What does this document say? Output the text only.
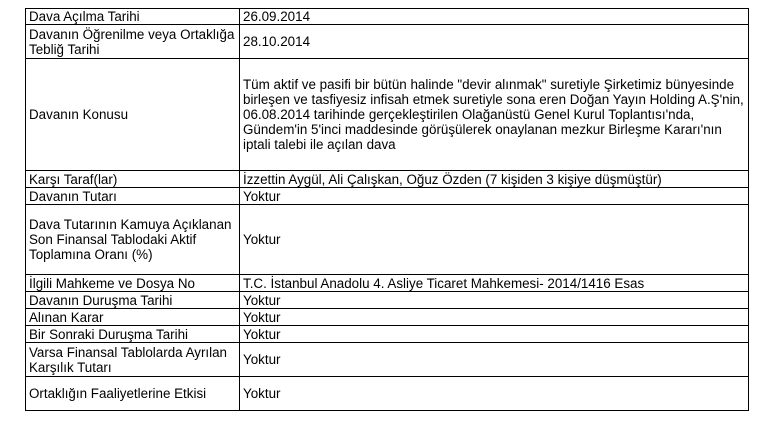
Dava Açılma Tarihi	26.09.2014
Davanın Öğrenilme veya Ortaklığa Tebliğ Tarihi	28.10.2014
Davanın Konusu	Tüm aktif ve pasifi bir bütün halinde "devir alınmak" suretiyle Şirketimiz bünyesinde birleşen ve tasfiyesiz infisah etmek suretiyle sona eren Doğan Yayın Holding A.Ş'nin, 06.08.2014 tarihinde gerçekleştirilen Olağanüstü Genel Kurul Toplantısı'nda, Gündem'in 5'inci maddesinde görüşülerek onaylanan mezkur Birleşme Kararı'nın iptali talebi ile açılan dava
Karşı Taraf(lar)	İzzettin Aygül, Ali Çalışkan, Oğuz Özden (7 kişiden 3 kişiye düşmüştür)
Davanın Tutarı	Yoktur
Dava Tutarının Kamuya Açıklanan Son Finansal Tablodaki Aktif Toplamına Oranı (%)	Yoktur
İlgili Mahkeme ve Dosya No	T.C. İstanbul Anadolu 4. Asliye Ticaret Mahkemesi- 2014/1416 Esas
Davanın Duruşma Tarihi	Yoktur
Alınan Karar	Yoktur
Bir Sonraki Duruşma Tarihi	Yoktur
Varsa Finansal Tablolarda Ayrılan Karşılık Tutarı	Yoktur
Ortaklığın Faaliyetlerine Etkisi	Yoktur
